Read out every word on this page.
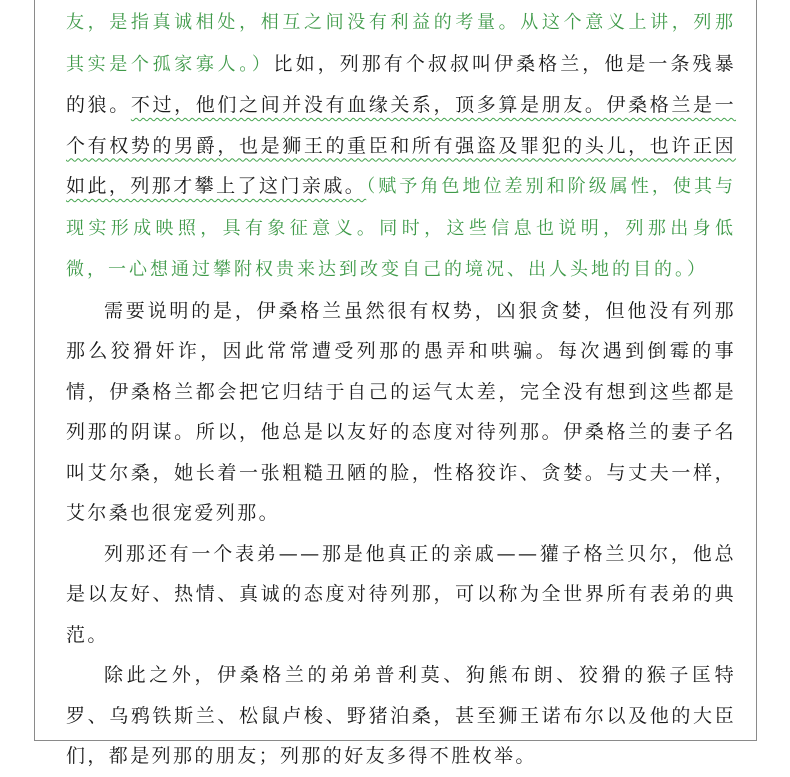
友，是指真诚相处，相互之间没有利益的考量。从这个意义上讲，列那其实是个孤家寡人。）比如，列那有个叔叔叫伊桑格兰，他是一条残暴的狼。不过，他们之间并没有血缘关系，顶多算是朋友。伊桑格兰是一个有权势的男爵，也是狮王的重臣和所有强盗及罪犯的头儿，也许正因如此，列那才攀上了这门亲戚。（赋予角色地位差别和阶级属性，使其与现实形成映照，具有象征意义。同时，这些信息也说明，列那出身低微，一心想通过攀附权贵来达到改变自己的境况、出人头地的目的。）

需要说明的是，伊桑格兰虽然很有权势，凶狠贪婪，但他没有列那那么狡猾奸诈，因此常常遭受列那的愚弄和哄骗。每次遇到倒霉的事情，伊桑格兰都会把它归结于自己的运气太差，完全没有想到这些都是列那的阴谋。所以，他总是以友好的态度对待列那。伊桑格兰的妻子名叫艾尔桑，她长着一张粗糙丑陋的脸，性格狡诈、贪婪。与丈夫一样，艾尔桑也很宠爱列那。

列那还有一个表弟——那是他真正的亲戚——獾子格兰贝尔，他总是以友好、热情、真诚的态度对待列那，可以称为全世界所有表弟的典范。

除此之外，伊桑格兰的弟弟普利莫、狗熊布朗、狡猾的猴子匡特罗、乌鸦铁斯兰、松鼠卢梭、野猪泊桑，甚至狮王诺布尔以及他的大臣们，都是列那的朋友；列那的好友多得不胜枚举。
